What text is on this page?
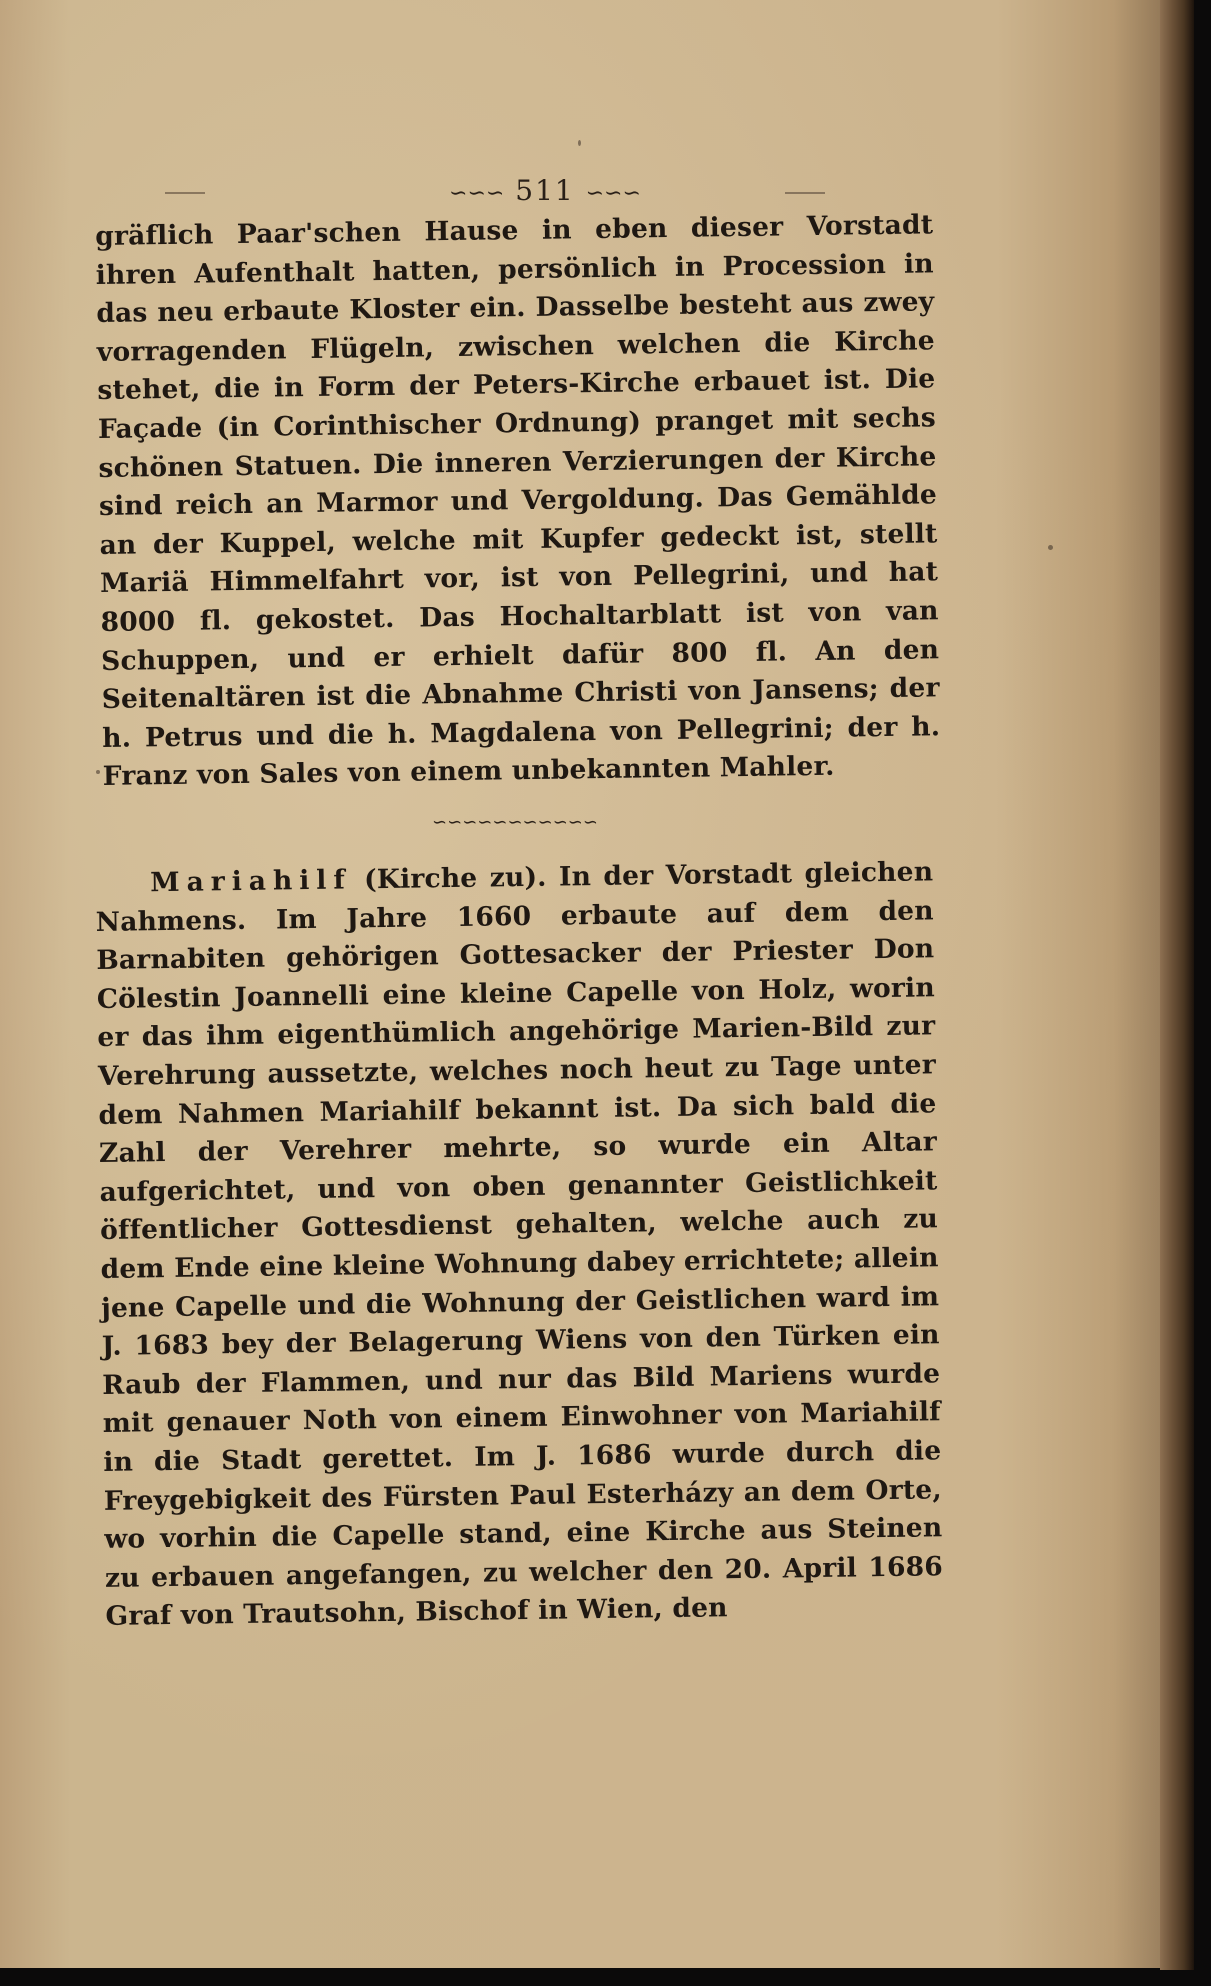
∽∽∽ 511 ∽∽∽

gräflich Paar'schen Hause in eben dieser Vorstadt ihren Aufenthalt hatten, persönlich in Procession in das neu erbaute Kloster ein. Dasselbe besteht aus zwey vorragenden Flügeln, zwischen welchen die Kirche stehet, die in Form der Peters-Kirche erbauet ist. Die Façade (in Corinthischer Ordnung) pranget mit sechs schönen Statuen. Die inneren Verzierungen der Kirche sind reich an Marmor und Vergoldung. Das Gemählde an der Kuppel, welche mit Kupfer gedeckt ist, stellt Mariä Himmelfahrt vor, ist von Pellegrini, und hat 8000 fl. gekostet. Das Hochaltarblatt ist von van Schuppen, und er erhielt dafür 800 fl. An den Seitenaltären ist die Abnahme Christi von Jansens; der h. Petrus und die h. Magdalena von Pellegrini; der h. Franz von Sales von einem unbekannten Mahler.

∽∽∽∽∽∽∽∽∽∽∽

Mariahilf (Kirche zu). In der Vorstadt gleichen Nahmens. Im Jahre 1660 erbaute auf dem den Barnabiten gehörigen Gottesacker der Priester Don Cölestin Joannelli eine kleine Capelle von Holz, worin er das ihm eigenthümlich angehörige Marien-Bild zur Verehrung aussetzte, welches noch heut zu Tage unter dem Nahmen Mariahilf bekannt ist. Da sich bald die Zahl der Verehrer mehrte, so wurde ein Altar aufgerichtet, und von oben genannter Geistlichkeit öffentlicher Gottesdienst gehalten, welche auch zu dem Ende eine kleine Wohnung dabey errichtete; allein jene Capelle und die Wohnung der Geistlichen ward im J. 1683 bey der Belagerung Wiens von den Türken ein Raub der Flammen, und nur das Bild Mariens wurde mit genauer Noth von einem Einwohner von Mariahilf in die Stadt gerettet. Im J. 1686 wurde durch die Freygebigkeit des Fürsten Paul Esterházy an dem Orte, wo vorhin die Capelle stand, eine Kirche aus Steinen zu erbauen angefangen, zu welcher den 20. April 1686 Graf von Trautsohn, Bischof in Wien, den
